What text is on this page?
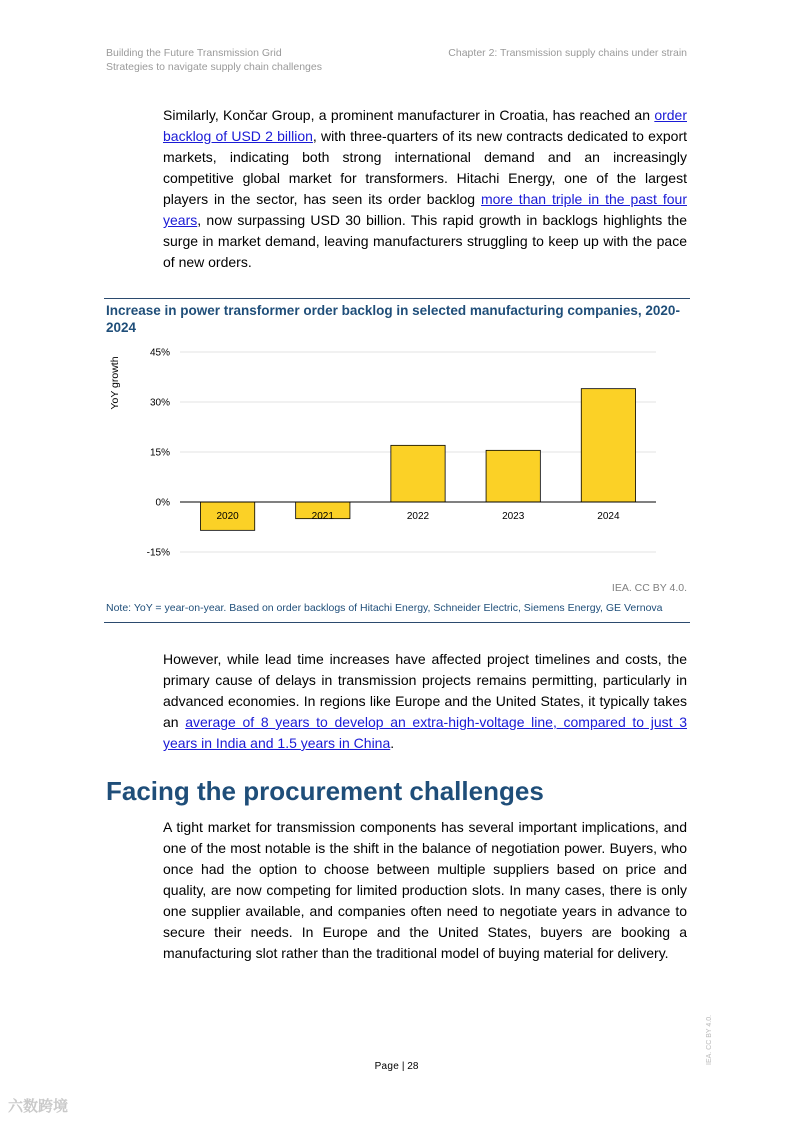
Building the Future Transmission Grid
Strategies to navigate supply chain challenges
Chapter 2: Transmission supply chains under strain

Similarly, Končar Group, a prominent manufacturer in Croatia, has reached an order backlog of USD 2 billion, with three-quarters of its new contracts dedicated to export markets, indicating both strong international demand and an increasingly competitive global market for transformers. Hitachi Energy, one of the largest players in the sector, has seen its order backlog more than triple in the past four years, now surpassing USD 30 billion. This rapid growth in backlogs highlights the surge in market demand, leaving manufacturers struggling to keep up with the pace of new orders.

Increase in power transformer order backlog in selected manufacturing companies, 2020-2024
-15%
0%
15%
30%
45%
2020	2021	2022	2023	2024
YoY growth
IEA. CC BY 4.0.
Note: YoY = year-on-year. Based on order backlogs of Hitachi Energy, Schneider Electric, Siemens Energy, GE Vernova

However, while lead time increases have affected project timelines and costs, the primary cause of delays in transmission projects remains permitting, particularly in advanced economies. In regions like Europe and the United States, it typically takes an average of 8 years to develop an extra-high-voltage line, compared to just 3 years in India and 1.5 years in China.

Facing the procurement challenges

A tight market for transmission components has several important implications, and one of the most notable is the shift in the balance of negotiation power. Buyers, who once had the option to choose between multiple suppliers based on price and quality, are now competing for limited production slots. In many cases, there is only one supplier available, and companies often need to negotiate years in advance to secure their needs. In Europe and the United States, buyers are booking a manufacturing slot rather than the traditional model of buying material for delivery.

Page | 28
IEA. CC BY 4.0.
六数跨境
